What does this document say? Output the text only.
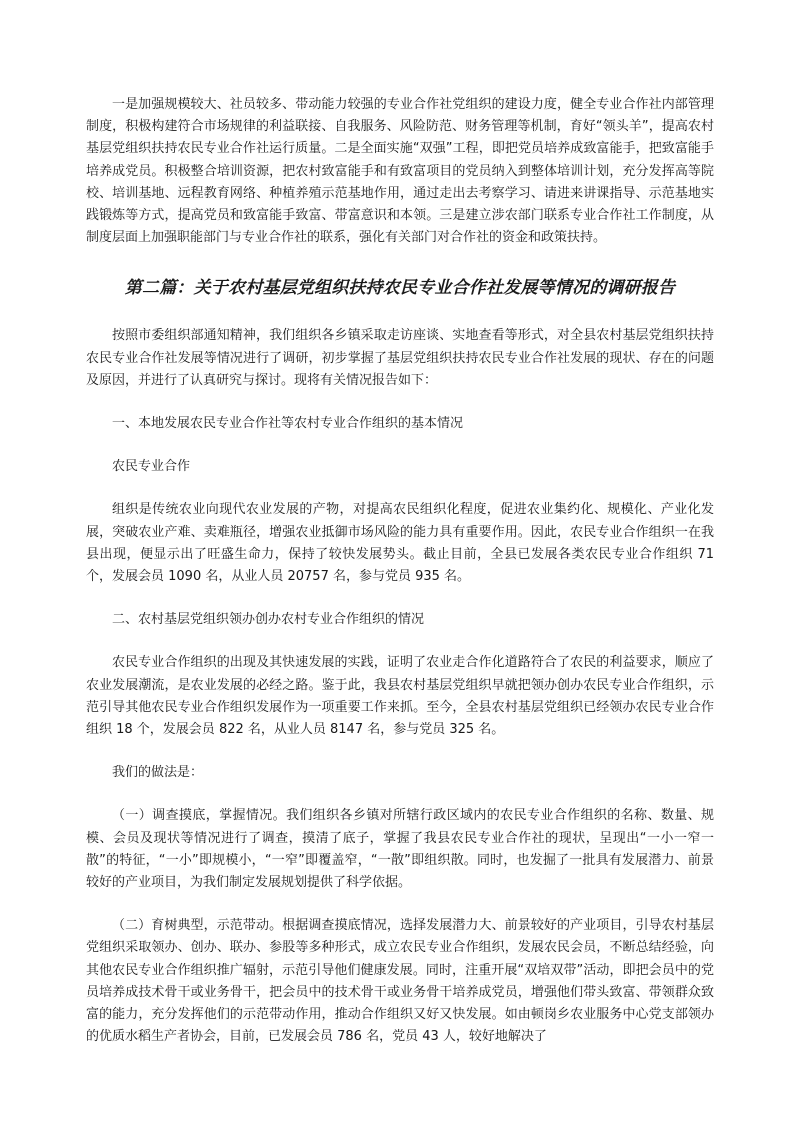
一是加强规模较大、社员较多、带动能力较强的专业合作社党组织的建设力度，健全专业合作社内部管理制度，积极构建符合市场规律的利益联接、自我服务、风险防范、财务管理等机制，育好“领头羊”，提高农村基层党组织扶持农民专业合作社运行质量。二是全面实施“双强”工程，即把党员培养成致富能手，把致富能手培养成党员。积极整合培训资源，把农村致富能手和有致富项目的党员纳入到整体培训计划，充分发挥高等院校、培训基地、远程教育网络、种植养殖示范基地作用，通过走出去考察学习、请进来讲课指导、示范基地实践锻炼等方式，提高党员和致富能手致富、带富意识和本领。三是建立涉农部门联系专业合作社工作制度，从制度层面上加强职能部门与专业合作社的联系，强化有关部门对合作社的资金和政策扶持。

第二篇：关于农村基层党组织扶持农民专业合作社发展等情况的调研报告

按照市委组织部通知精神，我们组织各乡镇采取走访座谈、实地查看等形式，对全县农村基层党组织扶持农民专业合作社发展等情况进行了调研，初步掌握了基层党组织扶持农民专业合作社发展的现状、存在的问题及原因，并进行了认真研究与探讨。现将有关情况报告如下：

一、本地发展农民专业合作社等农村专业合作组织的基本情况

农民专业合作

组织是传统农业向现代农业发展的产物，对提高农民组织化程度，促进农业集约化、规模化、产业化发展，突破农业产难、卖难瓶径，增强农业抵御市场风险的能力具有重要作用。因此，农民专业合作组织一在我县出现，便显示出了旺盛生命力，保持了较快发展势头。截止目前，全县已发展各类农民专业合作组织 71 个，发展会员 1090 名，从业人员 20757 名，参与党员 935 名。

二、农村基层党组织领办创办农村专业合作组织的情况

农民专业合作组织的出现及其快速发展的实践，证明了农业走合作化道路符合了农民的利益要求，顺应了农业发展潮流，是农业发展的必经之路。鉴于此，我县农村基层党组织早就把领办创办农民专业合作组织，示范引导其他农民专业合作组织发展作为一项重要工作来抓。至今，全县农村基层党组织已经领办农民专业合作组织 18 个，发展会员 822 名，从业人员 8147 名，参与党员 325 名。

我们的做法是：

（一）调查摸底，掌握情况。我们组织各乡镇对所辖行政区域内的农民专业合作组织的名称、数量、规模、会员及现状等情况进行了调查，摸清了底子，掌握了我县农民专业合作社的现状，呈现出“一小一窄一散”的特征，“一小”即规模小，“一窄”即覆盖窄，“一散”即组织散。同时，也发掘了一批具有发展潜力、前景较好的产业项目，为我们制定发展规划提供了科学依据。

（二）育树典型，示范带动。根据调查摸底情况，选择发展潜力大、前景较好的产业项目，引导农村基层党组织采取领办、创办、联办、参股等多种形式，成立农民专业合作组织，发展农民会员，不断总结经验，向其他农民专业合作组织推广辐射，示范引导他们健康发展。同时，注重开展“双培双带”活动，即把会员中的党员培养成技术骨干或业务骨干，把会员中的技术骨干或业务骨干培养成党员，增强他们带头致富、带领群众致富的能力，充分发挥他们的示范带动作用，推动合作组织又好又快发展。如由顿岗乡农业服务中心党支部领办的优质水稻生产者协会，目前，已发展会员 786 名，党员 43 人，较好地解决了
